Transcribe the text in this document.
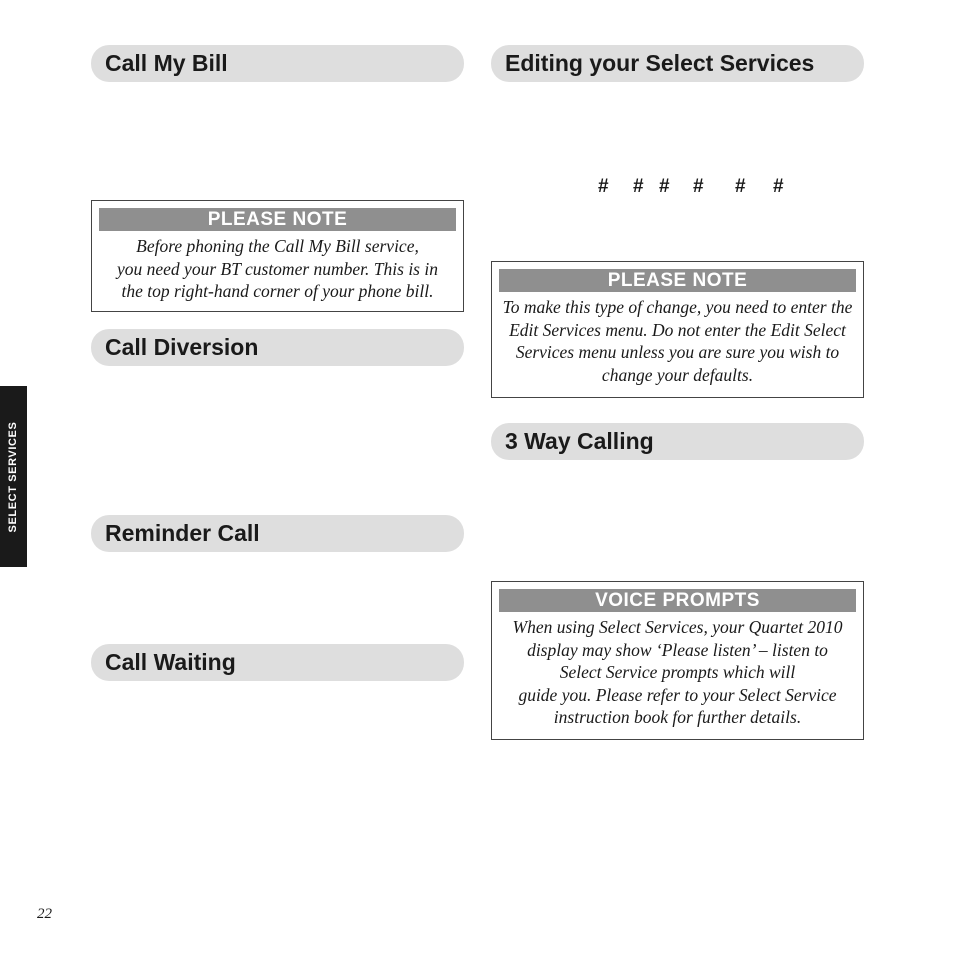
Call My Bill
PLEASE NOTE
Before phoning the Call My Bill service,
you need your BT customer number. This is in
the top right-hand corner of your phone bill.
Call Diversion
Reminder Call
Call Waiting
Editing your Select Services
# # # # # #
PLEASE NOTE
To make this type of change, you need to enter the
Edit Services menu. Do not enter the Edit Select
Services menu unless you are sure you wish to
change your defaults.
3 Way Calling
VOICE PROMPTS
When using Select Services, your Quartet 2010
display may show ‘Please listen’ – listen to
Select Service prompts which will
guide you. Please refer to your Select Service
instruction book for further details.
SELECT SERVICES
22
